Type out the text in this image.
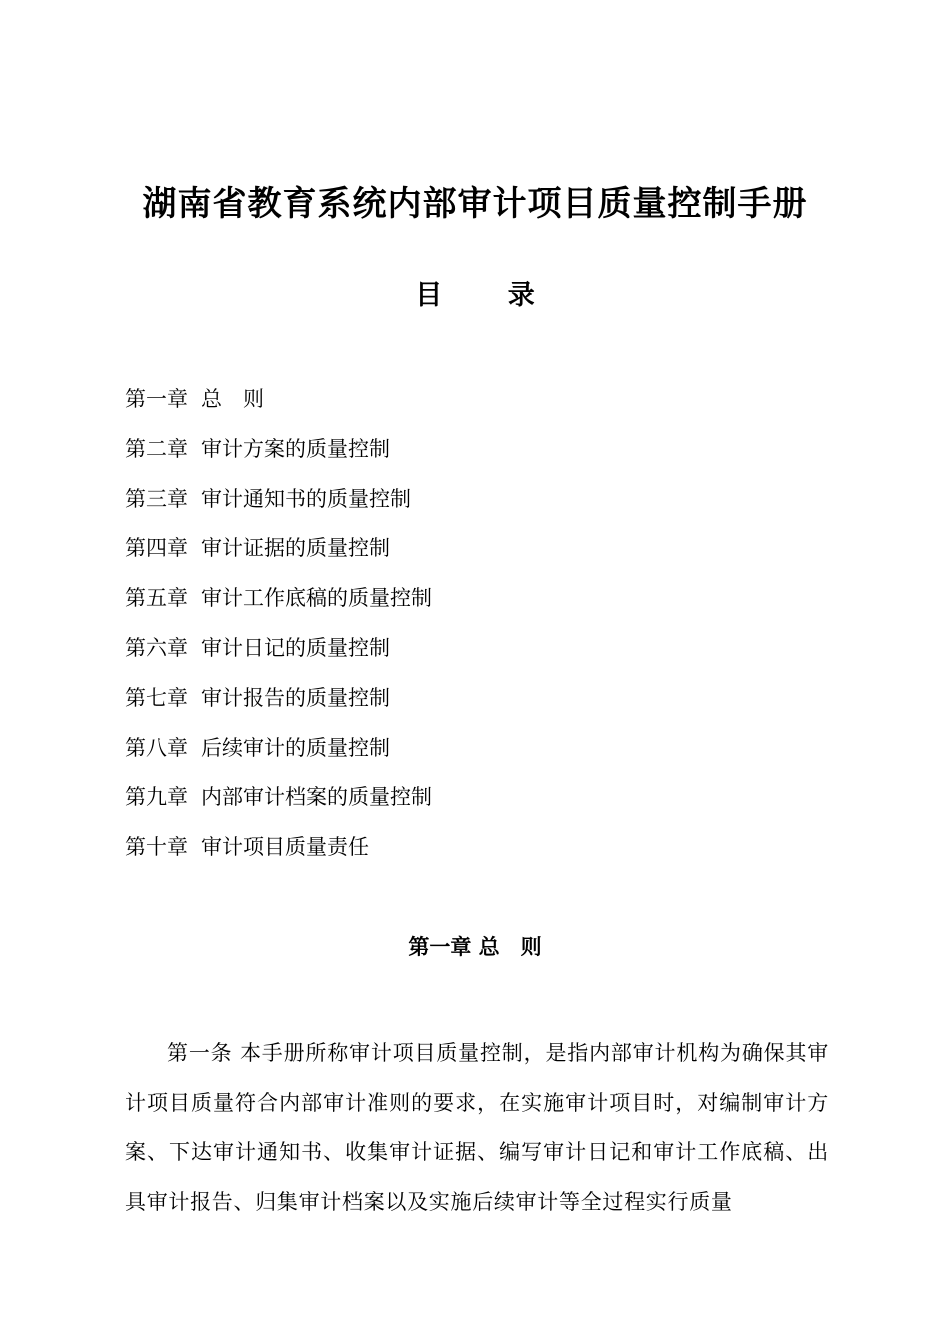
湖南省教育系统内部审计项目质量控制手册
目 录
第一章 总　则
第二章 审计方案的质量控制
第三章 审计通知书的质量控制
第四章 审计证据的质量控制
第五章 审计工作底稿的质量控制
第六章 审计日记的质量控制
第七章 审计报告的质量控制
第八章 后续审计的质量控制
第九章 内部审计档案的质量控制
第十章 审计项目质量责任
第一章 总　则

第一条 本手册所称审计项目质量控制，是指内部审计机构为确保其审计项目质量符合内部审计准则的要求，在实施审计项目时，对编制审计方案、下达审计通知书、收集审计证据、编写审计日记和审计工作底稿、出具审计报告、归集审计档案以及实施后续审计等全过程实行质量
